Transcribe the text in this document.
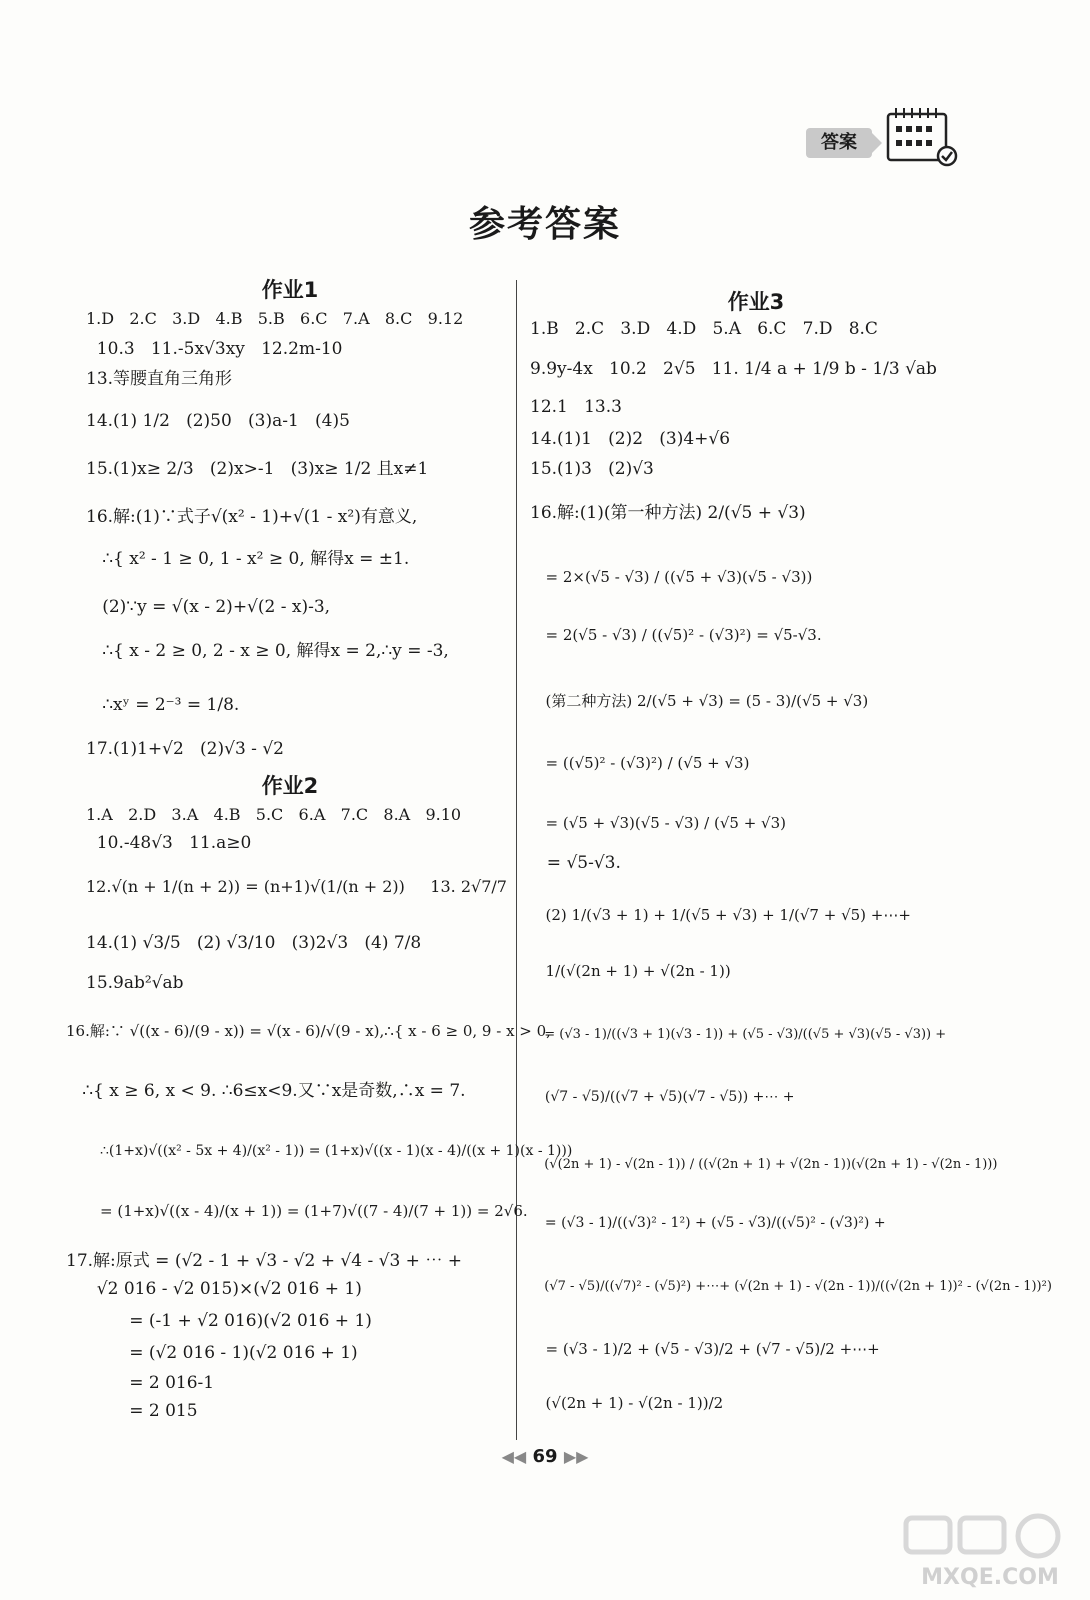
答案
参考答案
作业1
1.D   2.C   3.D   4.B   5.B   6.C   7.A   8.C   9.12
10.3   11.-5x√3xy   12.2m-10
13.等腰直角三角形
14.(1) 1/2   (2)50   (3)a-1   (4)5
15.(1)x≥ 2/3   (2)x>-1   (3)x≥ 1/2 且x≠1
16.解:(1)∵式子√(x² - 1)+√(1 - x²)有意义,
∴{ x² - 1 ≥ 0, 1 - x² ≥ 0, 解得x = ±1.
(2)∵y = √(x - 2)+√(2 - x)-3,
∴{ x - 2 ≥ 0, 2 - x ≥ 0, 解得x = 2,∴y = -3,
∴xʸ = 2⁻³ = 1/8.
17.(1)1+√2   (2)√3 - √2
作业2
1.A   2.D   3.A   4.B   5.C   6.A   7.C   8.A   9.10
10.-48√3   11.a≥0
12.√(n + 1/(n + 2)) = (n+1)√(1/(n + 2))     13. 2√7/7
14.(1) √3/5   (2) √3/10   (3)2√3   (4) 7/8
15.9ab²√ab
16.解:∵ √((x - 6)/(9 - x)) = √(x - 6)/√(9 - x),∴{ x - 6 ≥ 0, 9 - x > 0,
∴{ x ≥ 6, x < 9. ∴6≤x<9.又∵x是奇数,∴x = 7.
∴(1+x)√((x² - 5x + 4)/(x² - 1)) = (1+x)√((x - 1)(x - 4)/((x + 1)(x - 1)))
= (1+x)√((x - 4)/(x + 1)) = (1+7)√((7 - 4)/(7 + 1)) = 2√6.
17.解:原式 = (√2 - 1 + √3 - √2 + √4 - √3 + ⋯ +
√2 016 - √2 015)×(√2 016 + 1)
= (-1 + √2 016)(√2 016 + 1)
= (√2 016 - 1)(√2 016 + 1)
= 2 016-1
= 2 015
作业3
1.B   2.C   3.D   4.D   5.A   6.C   7.D   8.C
9.9y-4x   10.2   2√5   11. 1/4 a + 1/9 b - 1/3 √ab
12.1   13.3
14.(1)1   (2)2   (3)4+√6
15.(1)3   (2)√3
16.解:(1)(第一种方法) 2/(√5 + √3)
= 2×(√5 - √3) / ((√5 + √3)(√5 - √3))
= 2(√5 - √3) / ((√5)² - (√3)²) = √5-√3.
(第二种方法) 2/(√5 + √3) = (5 - 3)/(√5 + √3)
= ((√5)² - (√3)²) / (√5 + √3)
= (√5 + √3)(√5 - √3) / (√5 + √3)
= √5-√3.
(2) 1/(√3 + 1) + 1/(√5 + √3) + 1/(√7 + √5) +⋯+
1/(√(2n + 1) + √(2n - 1))
= (√3 - 1)/((√3 + 1)(√3 - 1)) + (√5 - √3)/((√5 + √3)(√5 - √3)) +
(√7 - √5)/((√7 + √5)(√7 - √5)) +⋯ +
(√(2n + 1) - √(2n - 1)) / ((√(2n + 1) + √(2n - 1))(√(2n + 1) - √(2n - 1)))
= (√3 - 1)/((√3)² - 1²) + (√5 - √3)/((√5)² - (√3)²) +
(√7 - √5)/((√7)² - (√5)²) +⋯+ (√(2n + 1) - √(2n - 1))/((√(2n + 1))² - (√(2n - 1))²)
= (√3 - 1)/2 + (√5 - √3)/2 + (√7 - √5)/2 +⋯+
(√(2n + 1) - √(2n - 1))/2
◀◀ 69 ▶▶
MXQE.COM
